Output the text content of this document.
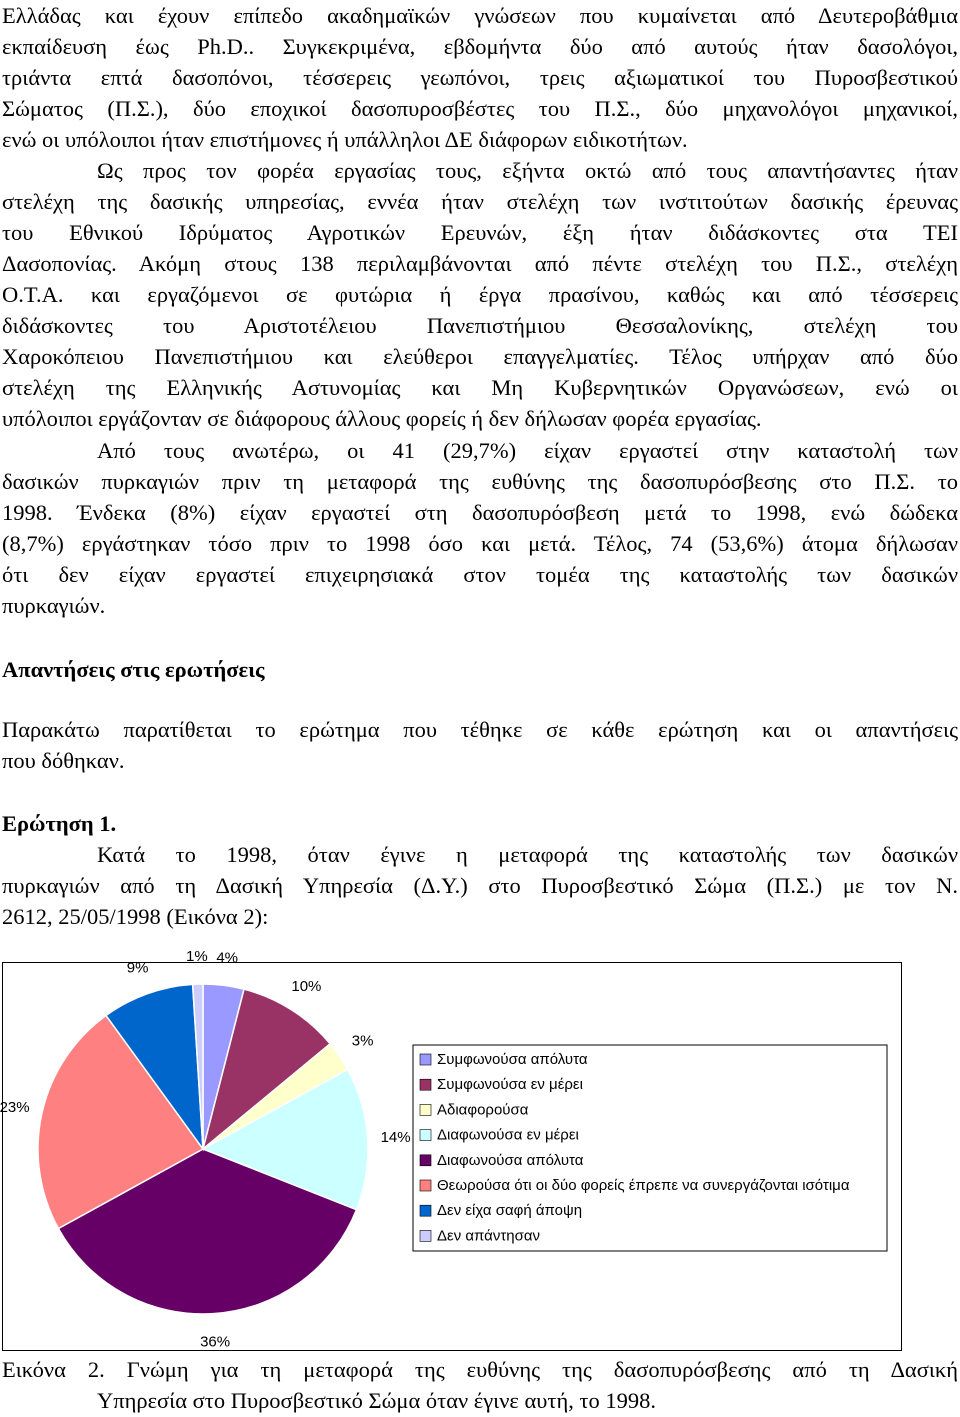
Ελλάδας και έχουν επίπεδο ακαδημαϊκών γνώσεων που κυμαίνεται από Δευτεροβάθμια
εκπαίδευση έως Ph.D.. Συγκεκριμένα, εβδομήντα δύο από αυτούς ήταν δασολόγοι,
τριάντα επτά δασοπόνοι, τέσσερεις γεωπόνοι, τρεις αξιωματικοί του Πυροσβεστικού
Σώματος (Π.Σ.), δύο εποχικοί δασοπυροσβέστες του Π.Σ., δύο μηχανολόγοι μηχανικοί,
ενώ οι υπόλοιποι ήταν επιστήμονες ή υπάλληλοι ΔΕ διάφορων ειδικοτήτων.
Ως προς τον φορέα εργασίας τους, εξήντα οκτώ από τους απαντήσαντες ήταν
στελέχη της δασικής υπηρεσίας, εννέα ήταν στελέχη των ινστιτούτων δασικής έρευνας
του Εθνικού Ιδρύματος Αγροτικών Ερευνών, έξη ήταν διδάσκοντες στα ΤΕΙ
Δασοπονίας. Ακόμη στους 138 περιλαμβάνονται από πέντε στελέχη του Π.Σ., στελέχη
Ο.Τ.Α. και εργαζόμενοι σε φυτώρια ή έργα πρασίνου, καθώς και από τέσσερεις
διδάσκοντες του Αριστοτέλειου Πανεπιστήμιου Θεσσαλονίκης, στελέχη του
Χαροκόπειου Πανεπιστήμιου και ελεύθεροι επαγγελματίες. Τέλος υπήρχαν από δύο
στελέχη της Ελληνικής Αστυνομίας και Μη Κυβερνητικών Οργανώσεων, ενώ οι
υπόλοιποι εργάζονταν σε διάφορους άλλους φορείς ή δεν δήλωσαν φορέα εργασίας.
Από τους ανωτέρω, οι 41 (29,7%) είχαν εργαστεί στην καταστολή των
δασικών πυρκαγιών πριν τη μεταφορά της ευθύνης της δασοπυρόσβεσης στο Π.Σ. το
1998. Ένδεκα (8%) είχαν εργαστεί στη δασοπυρόσβεση μετά το 1998, ενώ δώδεκα
(8,7%) εργάστηκαν τόσο πριν το 1998 όσο και μετά. Τέλος, 74 (53,6%) άτομα δήλωσαν
ότι δεν είχαν εργαστεί επιχειρησιακά στον τομέα της καταστολής των δασικών
πυρκαγιών.
Απαντήσεις στις ερωτήσεις
Παρακάτω παρατίθεται το ερώτημα που τέθηκε σε κάθε ερώτηση και οι απαντήσεις
που δόθηκαν.
Ερώτηση 1.
Κατά το 1998, όταν έγινε η μεταφορά της καταστολής των δασικών
πυρκαγιών από τη Δασική Υπηρεσία (Δ.Υ.) στο Πυροσβεστικό Σώμα (Π.Σ.) με τον Ν.
2612, 25/05/1998 (Εικόνα 2):
4%
10%
3%
14%
36%
23%
9%
1%
Συμφωνούσα απόλυτα
Συμφωνούσα εν μέρει
Αδιαφορούσα
Διαφωνούσα εν μέρει
Διαφωνούσα απόλυτα
Θεωρούσα ότι οι δύο φορείς έπρεπε να συνεργάζονται ισότιμα
Δεν είχα σαφή άποψη
Δεν απάντησαν
Εικόνα 2. Γνώμη για τη μεταφορά της ευθύνης της δασοπυρόσβεσης από τη Δασική
Υπηρεσία στο Πυροσβεστικό Σώμα όταν έγινε αυτή, το 1998.
